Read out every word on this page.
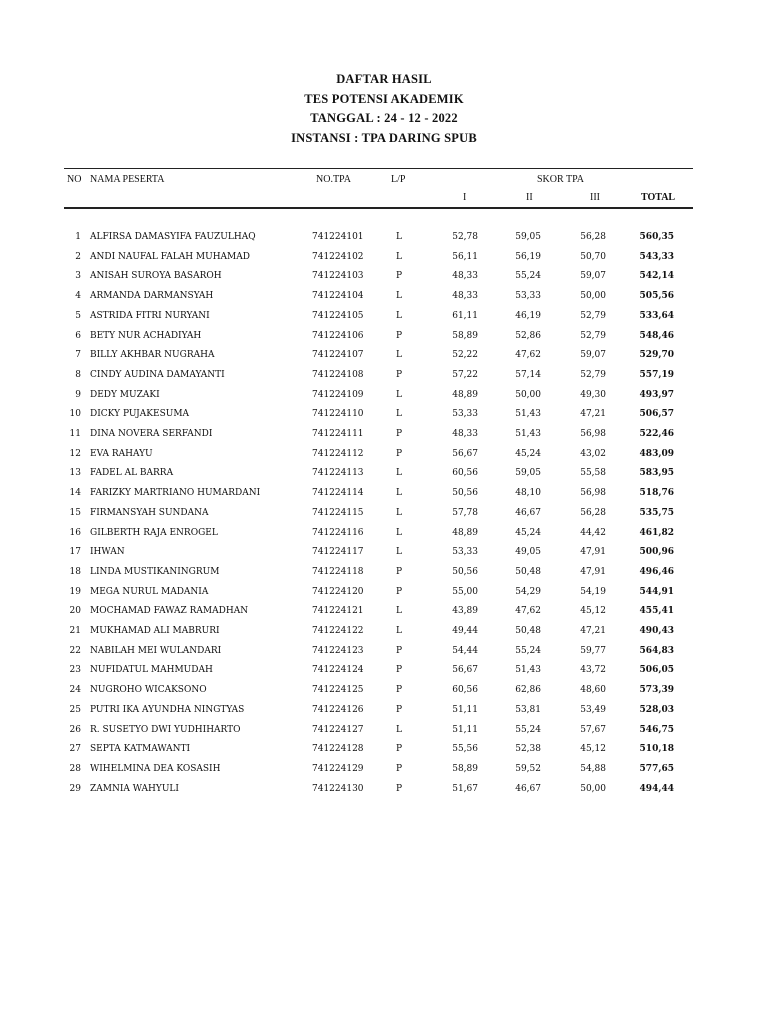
DAFTAR HASIL
TES POTENSI AKADEMIK
TANGGAL : 24 - 12 - 2022
INSTANSI : TPA DARING SPUB
NO NAMA PESERTA	NO.TPA	L/P	SKOR TPA
I	II	III	TOTAL
1 ALFIRSA DAMASYIFA FAUZULHAQ	741224101	L	52,78	59,05	56,28	560,35
2 ANDI NAUFAL FALAH MUHAMAD	741224102	L	56,11	56,19	50,70	543,33
3 ANISAH SUROYA BASAROH	741224103	P	48,33	55,24	59,07	542,14
4 ARMANDA DARMANSYAH	741224104	L	48,33	53,33	50,00	505,56
5 ASTRIDA FITRI NURYANI	741224105	L	61,11	46,19	52,79	533,64
6 BETY NUR ACHADIYAH	741224106	P	58,89	52,86	52,79	548,46
7 BILLY AKHBAR NUGRAHA	741224107	L	52,22	47,62	59,07	529,70
8 CINDY AUDINA DAMAYANTI	741224108	P	57,22	57,14	52,79	557,19
9 DEDY MUZAKI	741224109	L	48,89	50,00	49,30	493,97
10 DICKY PUJAKESUMA	741224110	L	53,33	51,43	47,21	506,57
11 DINA NOVERA SERFANDI	741224111	P	48,33	51,43	56,98	522,46
12 EVA RAHAYU	741224112	P	56,67	45,24	43,02	483,09
13 FADEL AL BARRA	741224113	L	60,56	59,05	55,58	583,95
14 FARIZKY MARTRIANO HUMARDANI	741224114	L	50,56	48,10	56,98	518,76
15 FIRMANSYAH SUNDANA	741224115	L	57,78	46,67	56,28	535,75
16 GILBERTH RAJA ENROGEL	741224116	L	48,89	45,24	44,42	461,82
17 IHWAN	741224117	L	53,33	49,05	47,91	500,96
18 LINDA MUSTIKANINGRUM	741224118	P	50,56	50,48	47,91	496,46
19 MEGA NURUL MADANIA	741224120	P	55,00	54,29	54,19	544,91
20 MOCHAMAD FAWAZ RAMADHAN	741224121	L	43,89	47,62	45,12	455,41
21 MUKHAMAD ALI MABRURI	741224122	L	49,44	50,48	47,21	490,43
22 NABILAH MEI WULANDARI	741224123	P	54,44	55,24	59,77	564,83
23 NUFIDATUL MAHMUDAH	741224124	P	56,67	51,43	43,72	506,05
24 NUGROHO WICAKSONO	741224125	P	60,56	62,86	48,60	573,39
25 PUTRI IKA AYUNDHA NINGTYAS	741224126	P	51,11	53,81	53,49	528,03
26 R. SUSETYO DWI YUDHIHARTO	741224127	L	51,11	55,24	57,67	546,75
27 SEPTA KATMAWANTI	741224128	P	55,56	52,38	45,12	510,18
28 WIHELMINA DEA KOSASIH	741224129	P	58,89	59,52	54,88	577,65
29 ZAMNIA WAHYULI	741224130	P	51,67	46,67	50,00	494,44
